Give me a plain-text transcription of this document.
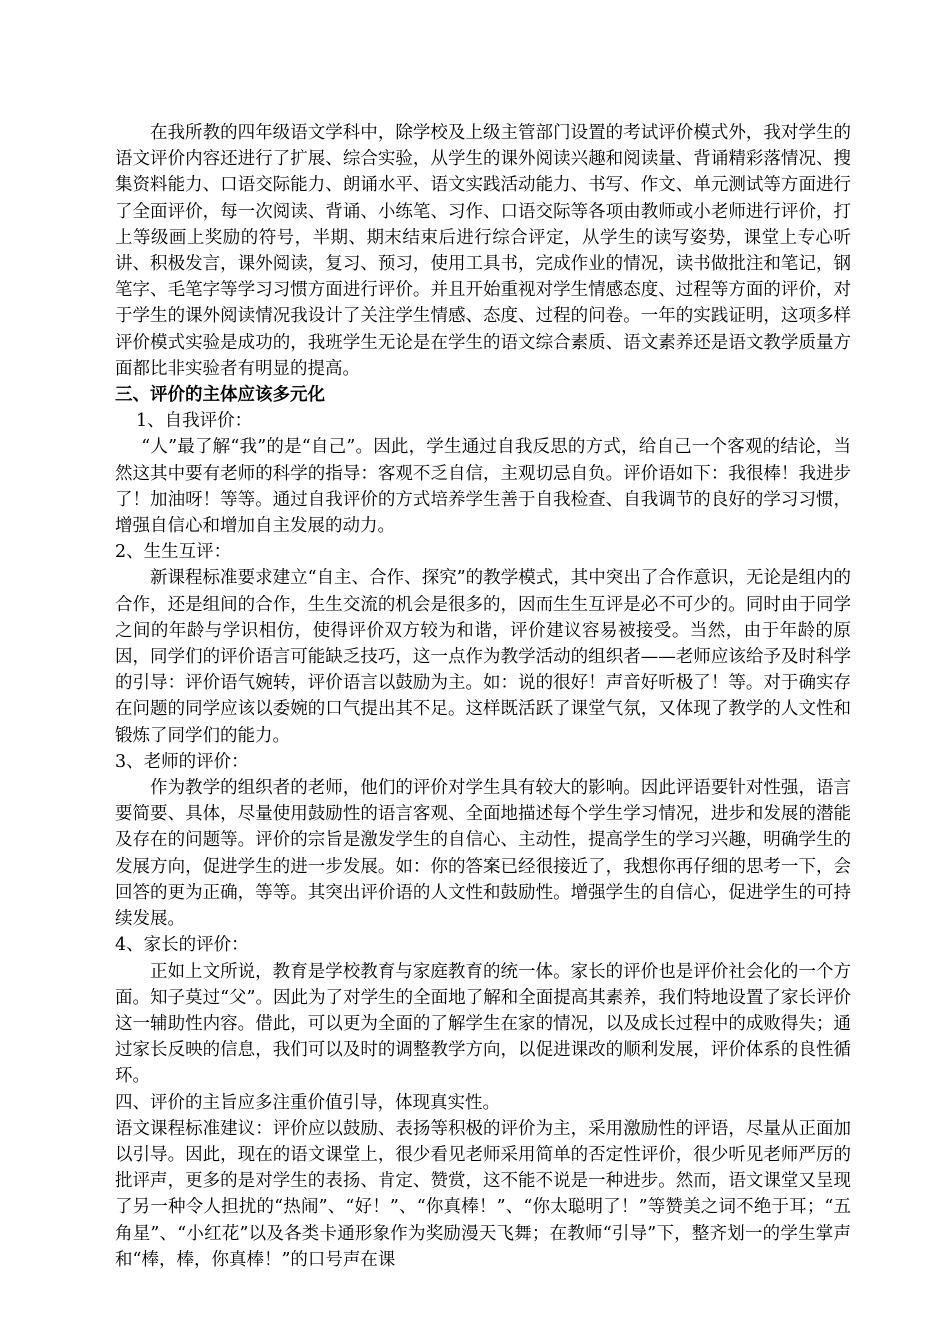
在我所教的四年级语文学科中，除学校及上级主管部门设置的考试评价模式外，我对学生的语文评价内容还进行了扩展、综合实验，从学生的课外阅读兴趣和阅读量、背诵精彩落情况、搜集资料能力、口语交际能力、朗诵水平、语文实践活动能力、书写、作文、单元测试等方面进行了全面评价，每一次阅读、背诵、小练笔、习作、口语交际等各项由教师或小老师进行评价，打上等级画上奖励的符号，半期、期末结束后进行综合评定，从学生的读写姿势，课堂上专心听讲、积极发言，课外阅读，复习、预习，使用工具书，完成作业的情况，读书做批注和笔记，钢笔字、毛笔字等学习习惯方面进行评价。并且开始重视对学生情感态度、过程等方面的评价，对于学生的课外阅读情况我设计了关注学生情感、态度、过程的问卷。一年的实践证明，这项多样评价模式实验是成功的，我班学生无论是在学生的语文综合素质、语文素养还是语文教学质量方面都比非实验者有明显的提高。

三、评价的主体应该多元化

1、自我评价：

“人”最了解“我”的是“自己”。因此，学生通过自我反思的方式，给自己一个客观的结论，当然这其中要有老师的科学的指导：客观不乏自信，主观切忌自负。评价语如下：我很棒！我进步了！加油呀！等等。通过自我评价的方式培养学生善于自我检查、自我调节的良好的学习习惯，增强自信心和增加自主发展的动力。

2、生生互评：

新课程标准要求建立“自主、合作、探究”的教学模式，其中突出了合作意识，无论是组内的合作，还是组间的合作，生生交流的机会是很多的，因而生生互评是必不可少的。同时由于同学之间的年龄与学识相仿，使得评价双方较为和谐，评价建议容易被接受。当然，由于年龄的原因，同学们的评价语言可能缺乏技巧，这一点作为教学活动的组织者——老师应该给予及时科学的引导：评价语气婉转，评价语言以鼓励为主。如：说的很好！声音好听极了！等。对于确实存在问题的同学应该以委婉的口气提出其不足。这样既活跃了课堂气氛，又体现了教学的人文性和锻炼了同学们的能力。

3、老师的评价：

作为教学的组织者的老师，他们的评价对学生具有较大的影响。因此评语要针对性强，语言要简要、具体，尽量使用鼓励性的语言客观、全面地描述每个学生学习情况，进步和发展的潜能及存在的问题等。评价的宗旨是激发学生的自信心、主动性，提高学生的学习兴趣，明确学生的发展方向，促进学生的进一步发展。如：你的答案已经很接近了，我想你再仔细的思考一下，会回答的更为正确，等等。其突出评价语的人文性和鼓励性。增强学生的自信心，促进学生的可持续发展。

4、家长的评价：

正如上文所说，教育是学校教育与家庭教育的统一体。家长的评价也是评价社会化的一个方面。知子莫过“父”。因此为了对学生的全面地了解和全面提高其素养，我们特地设置了家长评价这一辅助性内容。借此，可以更为全面的了解学生在家的情况，以及成长过程中的成败得失；通过家长反映的信息，我们可以及时的调整教学方向，以促进课改的顺利发展，评价体系的良性循环。

四、评价的主旨应多注重价值引导，体现真实性。

语文课程标准建议：评价应以鼓励、表扬等积极的评价为主，采用激励性的评语，尽量从正面加以引导。因此，现在的语文课堂上，很少看见老师采用简单的否定性评价，很少听见老师严厉的批评声，更多的是对学生的表扬、肯定、赞赏，这不能不说是一种进步。然而，语文课堂又呈现了另一种令人担扰的“热闹”、“好！”、“你真棒！”、“你太聪明了！”等赞美之词不绝于耳；“五角星”、“小红花”以及各类卡通形象作为奖励漫天飞舞；在教师“引导”下，整齐划一的学生掌声和“棒，棒，你真棒！”的口号声在课
